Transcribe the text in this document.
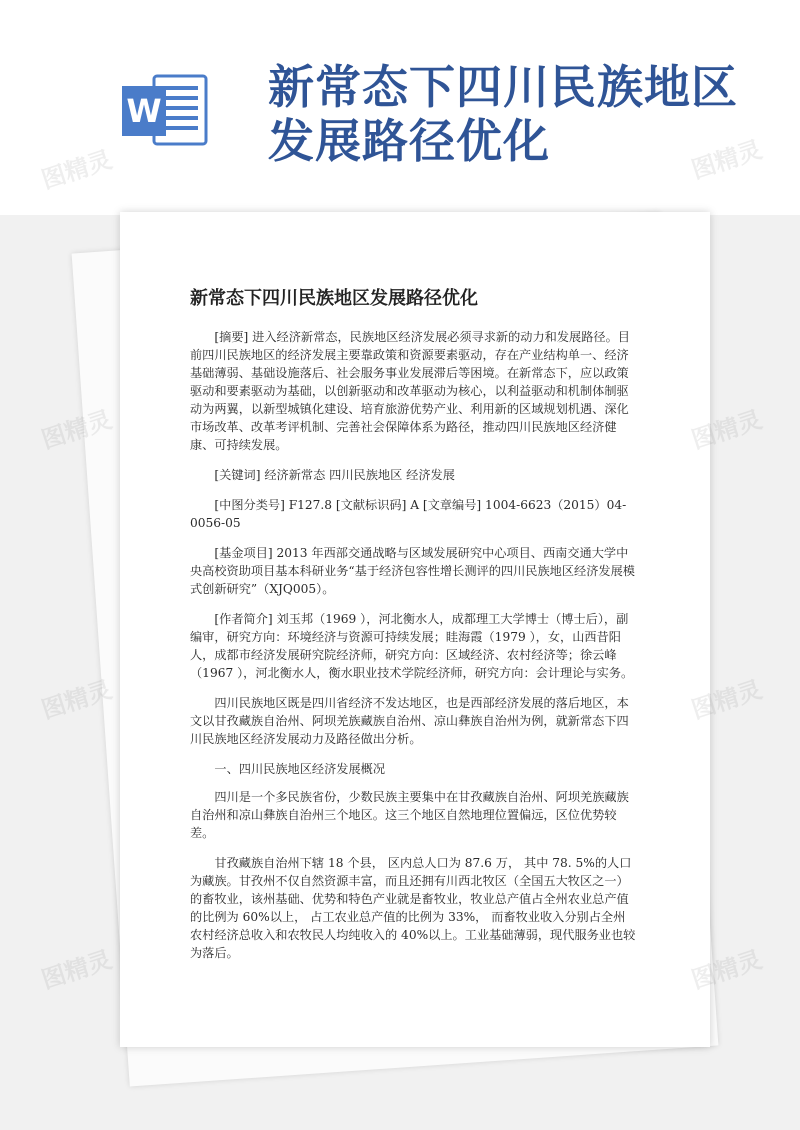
W 新常态下四川民族地区
发展路径优化
新常态下四川民族地区发展路径优化

[摘要] 进入经济新常态，民族地区经济发展必须寻求新的动力和发展路径。目前四川民族地区的经济发展主要靠政策和资源要素驱动，存在产业结构单一、经济基础薄弱、基础设施落后、社会服务事业发展滞后等困境。在新常态下，应以政策驱动和要素驱动为基础，以创新驱动和改革驱动为核心，以利益驱动和机制体制驱动为两翼，以新型城镇化建设、培育旅游优势产业、利用新的区域规划机遇、深化市场改革、改革考评机制、完善社会保障体系为路径，推动四川民族地区经济健康、可持续发展。

[关键词] 经济新常态 四川民族地区 经济发展

[中图分类号] F127.8 [文献标识码] A [文章编号] 1004-6623（2015）04-0056-05

[基金项目] 2013 年西部交通战略与区域发展研究中心项目、西南交通大学中央高校资助项目基本科研业务“基于经济包容性增长测评的四川民族地区经济发展模式创新研究”（XJQ005）。

[作者简介] 刘玉邦（1969 ），河北衡水人，成都理工大学博士（博士后），副编审，研究方向：环境经济与资源可持续发展；眭海霞（1979 ），女，山西昔阳人，成都市经济发展研究院经济师，研究方向：区域经济、农村经济等；徐云峰（1967 ），河北衡水人，衡水职业技术学院经济师，研究方向：会计理论与实务。

四川民族地区既是四川省经济不发达地区，也是西部经济发展的落后地区，本文以甘孜藏族自治州、阿坝羌族藏族自治州、凉山彝族自治州为例，就新常态下四川民族地区经济发展动力及路径做出分析。

一、四川民族地区经济发展概况

四川是一个多民族省份，少数民族主要集中在甘孜藏族自治州、阿坝羌族藏族自治州和凉山彝族自治州三个地区。这三个地区自然地理位置偏远，区位优势较差。

甘孜藏族自治州下辖 18 个县， 区内总人口为 87.6 万， 其中 78. 5%的人口为藏族。甘孜州不仅自然资源丰富，而且还拥有川西北牧区（全国五大牧区之一）的畜牧业，该州基础、优势和特色产业就是畜牧业，牧业总产值占全州农业总产值的比例为 60%以上， 占工农业总产值的比例为 33%， 而畜牧业收入分别占全州农村经济总收入和农牧民人均纯收入的 40%以上。工业基础薄弱，现代服务业也较为落后。

图精灵	图精灵
图精灵	图精灵
图精灵	图精灵
